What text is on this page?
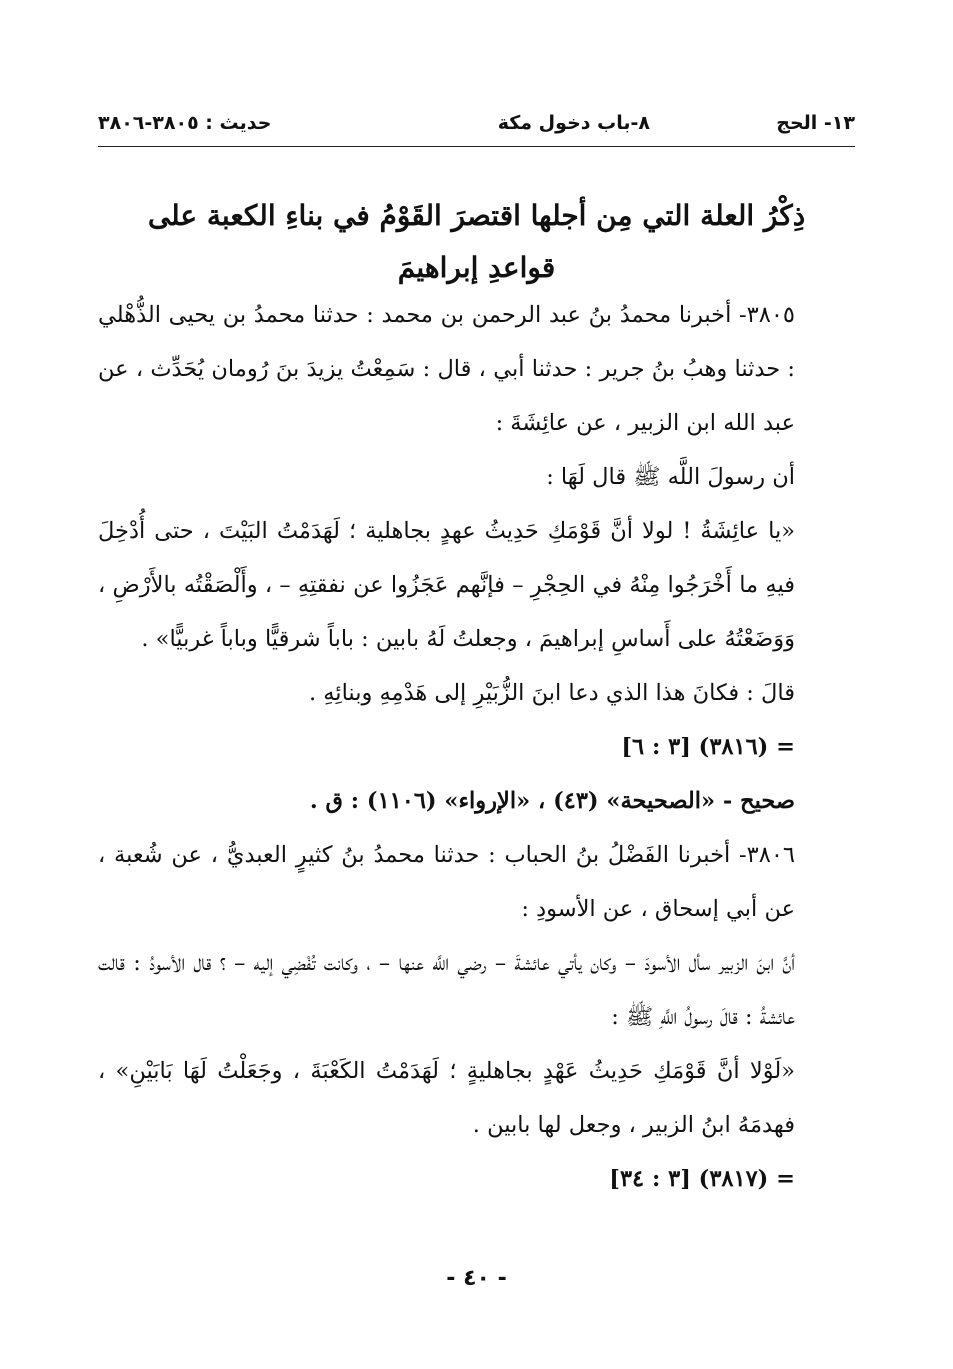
١٣- الحج
٨-باب دخول مكة
حديث : ٣٨٠٥-٣٨٠٦
ذِكْرُ العلة التي مِن أجلها اقتصرَ القَوْمُ في بناءِ الكعبة على
قواعدِ إبراهيمَ

٣٨٠٥- أخبرنا محمدُ بنُ عبد الرحمن بن محمد : حدثنا محمدُ بن يحيى الذُّهْلي : حدثنا وهبُ بنُ جرير : حدثنا أبي ، قال : سَمِعْتُ يزيدَ بنَ رُومان يُحَدِّث ، عن عبد الله ابن الزبير ، عن عائِشَةَ :

أن رسولَ اللَّه ﷺ قال لَهَا :

«يا عائِشَةُ ! لولا أنَّ قَوْمَكِ حَدِيثُ عهدٍ بجاهلية ؛ لَهَدَمْتُ البَيْتَ ، حتى أُدْخِلَ فيهِ ما أَخْرَجُوا مِنْهُ في الحِجْرِ – فإنَّهم عَجَزُوا عن نفقتِهِ – ، وأَلْصَقْتُه بالأَرْضِ ، وَوَضَعْتُهُ على أَساسِ إبراهيمَ ، وجعلتُ لَهُ بابين : باباً شرقيًّا وباباً غربيًّا» .

قالَ : فكانَ هذا الذي دعا ابنَ الزُّبَيْرِ إلى هَدْمِهِ وبنائِهِ .

= (٣٨١٦) [٣ : ٦]

صحيح - «الصحيحة» (٤٣) ، «الإرواء» (١١٠٦) : ق .

٣٨٠٦- أخبرنا الفَضْلُ بنُ الحباب : حدثنا محمدُ بنُ كثيرٍ العبديُّ ، عن شُعبة ، عن أبي إسحاق ، عن الأسودِ :

أنَّ ابنَ الزبير سأل الأسودَ – وكان يأتي عائشةَ – رضي اللَّه عنها – ، وكانت تُفْضِي إليه – ؟ قال الأسودُ : قالت عائشةُ : قالَ رسولُ اللَّهِ ﷺ :

«لَوْلا أنَّ قَوْمَكِ حَدِيثُ عَهْدٍ بجاهليةٍ ؛ لَهَدَمْتُ الكَعْبَةَ ، وجَعَلْتُ لَهَا بَابَيْنِ» ، فهدمَهُ ابنُ الزبير ، وجعل لها بابين .

= (٣٨١٧) [٣ : ٣٤]

- ٤٠ -
